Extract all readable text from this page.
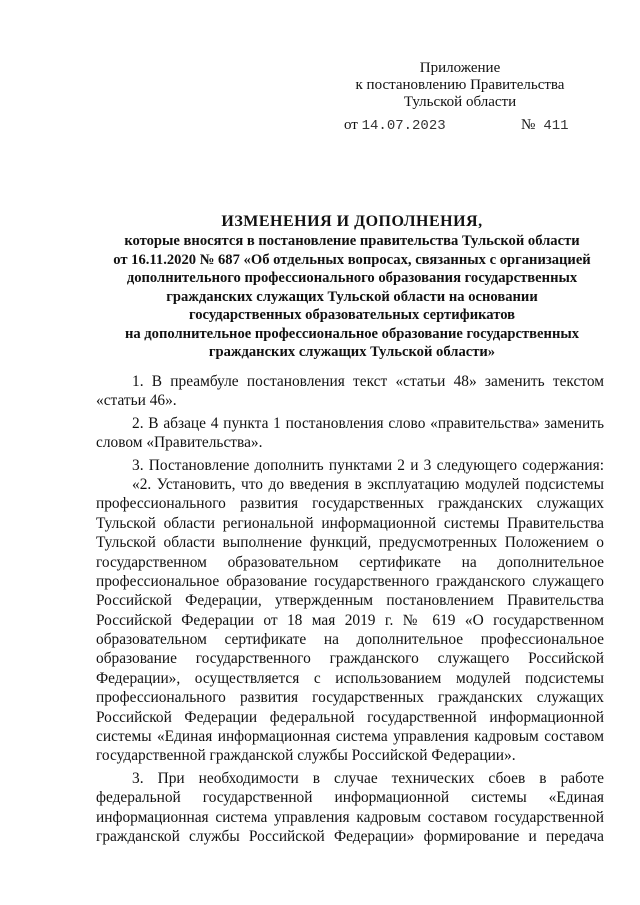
Приложение
к постановлению Правительства
Тульской области
от 14.07.2023	№ 411
ИЗМЕНЕНИЯ И ДОПОЛНЕНИЯ,
которые вносятся в постановление правительства Тульской области
от 16.11.2020 № 687 «Об отдельных вопросах, связанных с организацией
дополнительного профессионального образования государственных
гражданских служащих Тульской области на основании
государственных образовательных сертификатов
на дополнительное профессиональное образование государственных
гражданских служащих Тульской области»
1. В преамбуле постановления текст «статьи 48» заменить текстом
«статьи 46».
2. В абзаце 4 пункта 1 постановления слово «правительства» заменить
словом «Правительства».
3. Постановление дополнить пунктами 2 и 3 следующего содержания:
«2. Установить, что до введения в эксплуатацию модулей подсистемы
профессионального развития государственных гражданских служащих
Тульской области региональной информационной системы Правительства
Тульской области выполнение функций, предусмотренных Положением о
государственном образовательном сертификате на дополнительное
профессиональное образование государственного гражданского служащего
Российской Федерации, утвержденным постановлением Правительства
Российской Федерации от 18 мая 2019 г. № 619 «О государственном
образовательном сертификате на дополнительное профессиональное
образование государственного гражданского служащего Российской
Федерации», осуществляется с использованием модулей подсистемы
профессионального развития государственных гражданских служащих
Российской Федерации федеральной государственной информационной
системы «Единая информационная система управления кадровым составом
государственной гражданской службы Российской Федерации».
3. При необходимости в случае технических сбоев в работе
федеральной государственной информационной системы «Единая
информационная система управления кадровым составом государственной
гражданской службы Российской Федерации» формирование и передача
